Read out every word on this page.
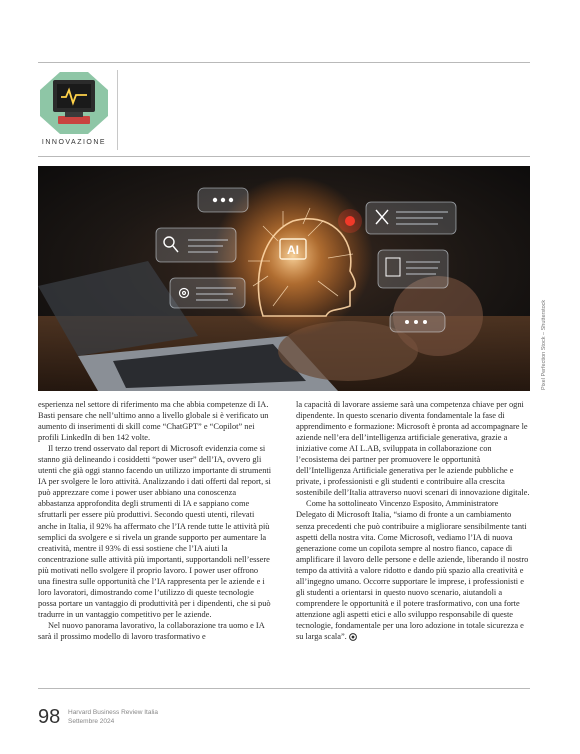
INNOVAZIONE
AI
Pixel Perfection Stock – Shutterstock

esperienza nel settore di riferimento ma che abbia competenze di IA. Basti pensare che nell’ultimo anno a livello globale si è verificato un aumento di inserimenti di skill come “ChatGPT” e “Copilot” nei profili LinkedIn di ben 142 volte.

Il terzo trend osservato dal report di Microsoft evidenzia come si stanno già delineando i cosiddetti “power user” dell’IA, ovvero gli utenti che già oggi stanno facendo un utilizzo importante di strumenti IA per svolgere le loro attività. Analizzando i dati offerti dal report, si può apprezzare come i power user abbiano una conoscenza abbastanza approfondita degli strumenti di IA e sappiano come sfruttarli per essere più produttivi. Secondo questi utenti, rilevati anche in Italia, il 92% ha affermato che l’IA rende tutte le attività più semplici da svolgere e si rivela un grande supporto per aumentare la creatività, mentre il 93% di essi sostiene che l’IA aiuti la concentrazione sulle attività più importanti, supportandoli nell’essere più motivati nello svolgere il proprio lavoro. I power user offrono una finestra sulle opportunità che l’IA rappresenta per le aziende e i loro lavoratori, dimostrando come l’utilizzo di queste tecnologie possa portare un vantaggio di produttività per i dipendenti, che si può tradurre in un vantaggio competitivo per le aziende.

Nel nuovo panorama lavorativo, la collaborazione tra uomo e IA sarà il prossimo modello di lavoro trasformativo e

la capacità di lavorare assieme sarà una competenza chiave per ogni dipendente. In questo scenario diventa fondamentale la fase di apprendimento e formazione: Microsoft è pronta ad accompagnare le aziende nell’era dell’intelligenza artificiale generativa, grazie a iniziative come AI L.AB, sviluppata in collaborazione con l’ecosistema dei partner per promuovere le opportunità dell’Intelligenza Artificiale generativa per le aziende pubbliche e private, i professionisti e gli studenti e contribuire alla crescita sostenibile dell’Italia attraverso nuovi scenari di innovazione digitale.

Come ha sottolineato Vincenzo Esposito, Amministratore Delegato di Microsoft Italia, “siamo di fronte a un cambiamento senza precedenti che può contribuire a migliorare sensibilmente tanti aspetti della nostra vita. Come Microsoft, vediamo l’IA di nuova generazione come un copilota sempre al nostro fianco, capace di amplificare il lavoro delle persone e delle aziende, liberando il nostro tempo da attività a valore ridotto e dando più spazio alla creatività e all’ingegno umano. Occorre supportare le imprese, i professionisti e gli studenti a orientarsi in questo nuovo scenario, aiutandoli a comprendere le opportunità e il potere trasformativo, con una forte attenzione agli aspetti etici e allo sviluppo responsabile di queste tecnologie, fondamentale per una loro adozione in totale sicurezza e su larga scala”.

98 Harvard Business Review Italia
Settembre 2024
